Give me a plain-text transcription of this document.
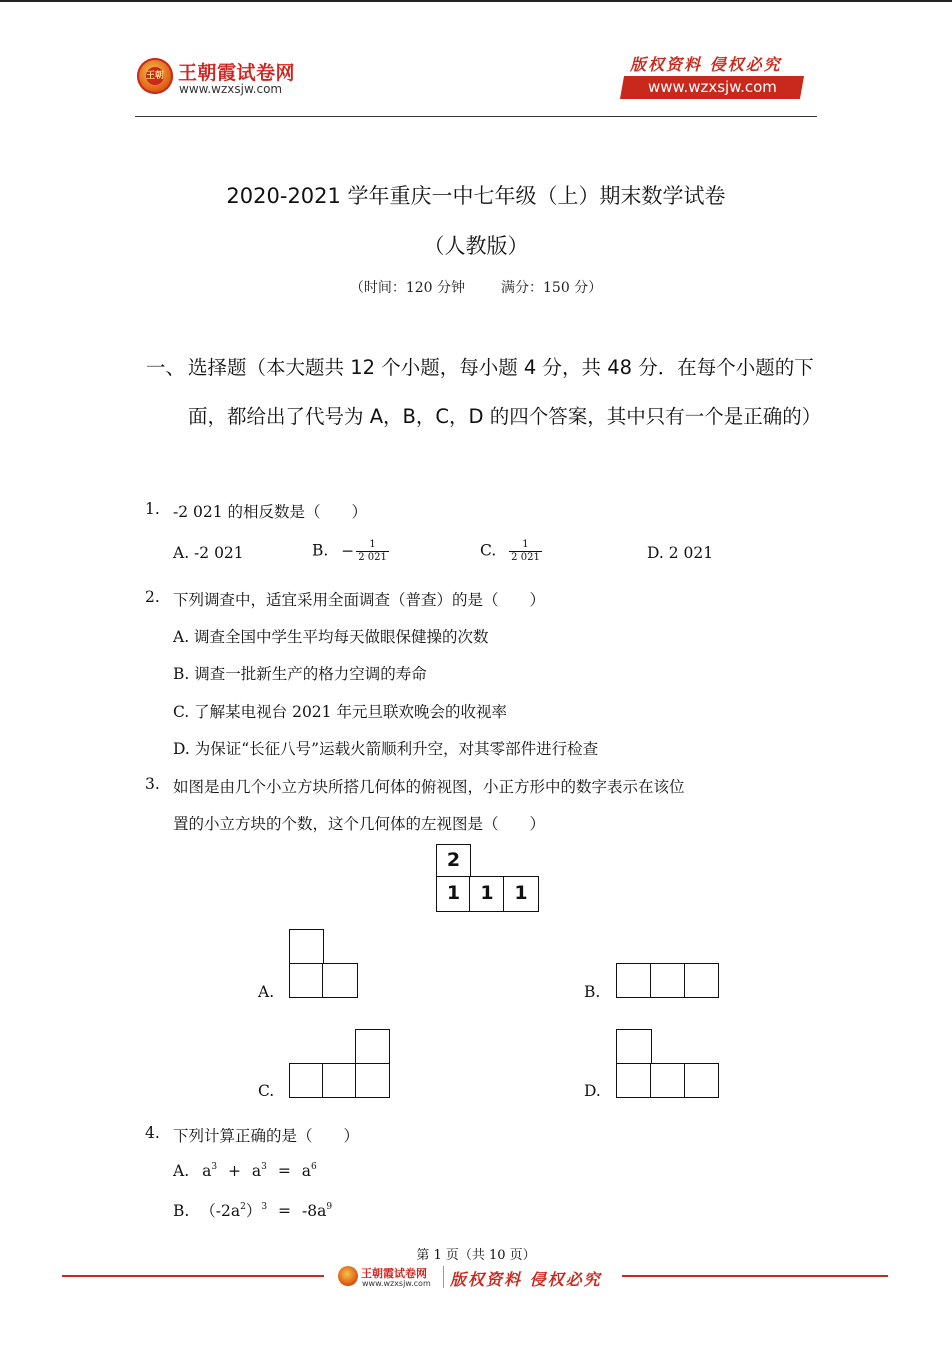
王朝 王朝霞试卷网
www.wzxsjw.com
版权资料 侵权必究
www.wzxsjw.com
2020-2021 学年重庆一中七年级（上）期末数学试卷
（人教版）
（时间：120 分钟	满分：150 分）
一、 选择题（本大题共 12 个小题，每小题 4 分，共 48 分．在每个小题的下面，都给出了代号为 A，B，C，D 的四个答案，其中只有一个是正确的）
1. -2 021 的相反数是（　　）
A. -2 021	B. − $\frac{1}{2 021}$	C. $\frac{1}{2 021}$	D. 2 021
2. 下列调查中，适宜采用全面调查（普查）的是（　　）
A. 调查全国中学生平均每天做眼保健操的次数
B. 调查一批新生产的格力空调的寿命
C. 了解某电视台 2021 年元旦联欢晚会的收视率
D. 为保证“长征八号”运载火箭顺利升空，对其零部件进行检查
3. 如图是由几个小立方块所搭几何体的俯视图，小正方形中的数字表示在该位
置的小立方块的个数，这个几何体的左视图是（　　）
2
1	1	1
A.	B.
C.	D.
4. 下列计算正确的是（　　）
A. $a^3 + a^3 = a^6$
B. $(-2a^2)^3 = -8a^9$
第 1 页（共 10 页）
王朝霞试卷网
www.wzxsjw.com 版权资料 侵权必究
